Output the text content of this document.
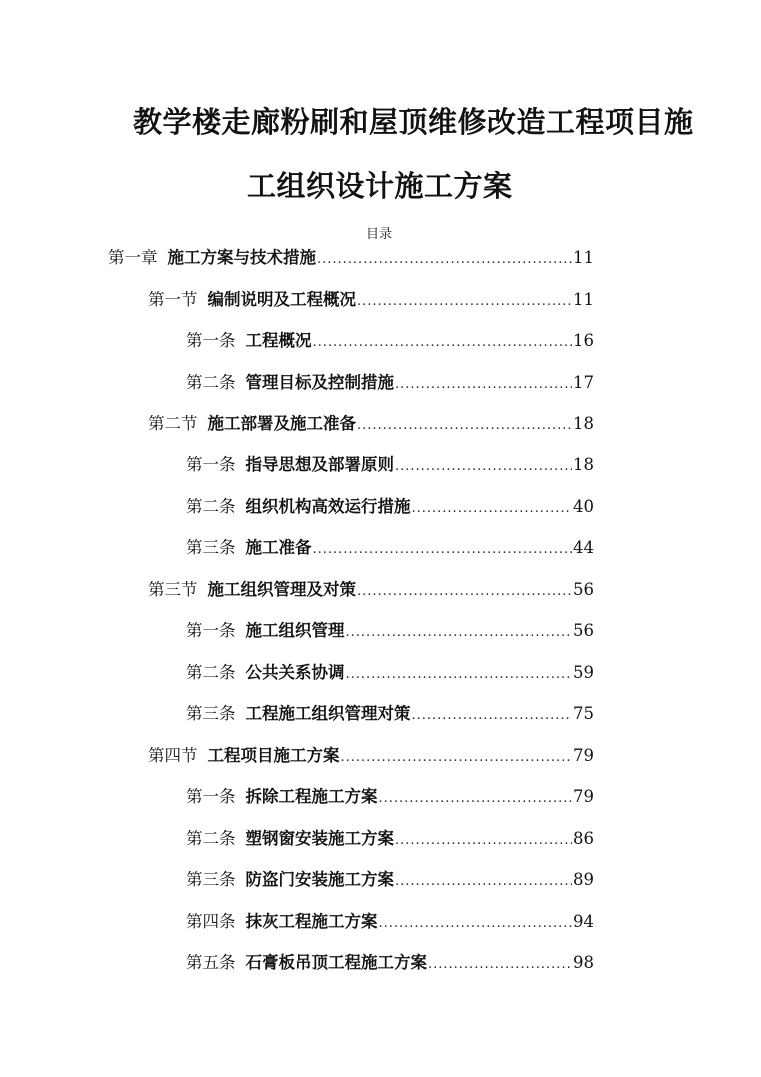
教学楼走廊粉刷和屋顶维修改造工程项目施
工组织设计施工方案
目录
第一章 施工方案与技术措施 .....	11
第一节 编制说明及工程概况 .....	11
第一条 工程概况 .....	16
第二条 管理目标及控制措施 .....	17
第二节 施工部署及施工准备 .....	18
第一条 指导思想及部署原则 .....	18
第二条 组织机构高效运行措施 .....	40
第三条 施工准备 .....	44
第三节 施工组织管理及对策 .....	56
第一条 施工组织管理 .....	56
第二条 公共关系协调 .....	59
第三条 工程施工组织管理对策 .....	75
第四节 工程项目施工方案 .....	79
第一条 拆除工程施工方案 .....	79
第二条 塑钢窗安装施工方案 .....	86
第三条 防盗门安装施工方案 .....	89
第四条 抹灰工程施工方案 .....	94
第五条 石膏板吊顶工程施工方案 .....	98
